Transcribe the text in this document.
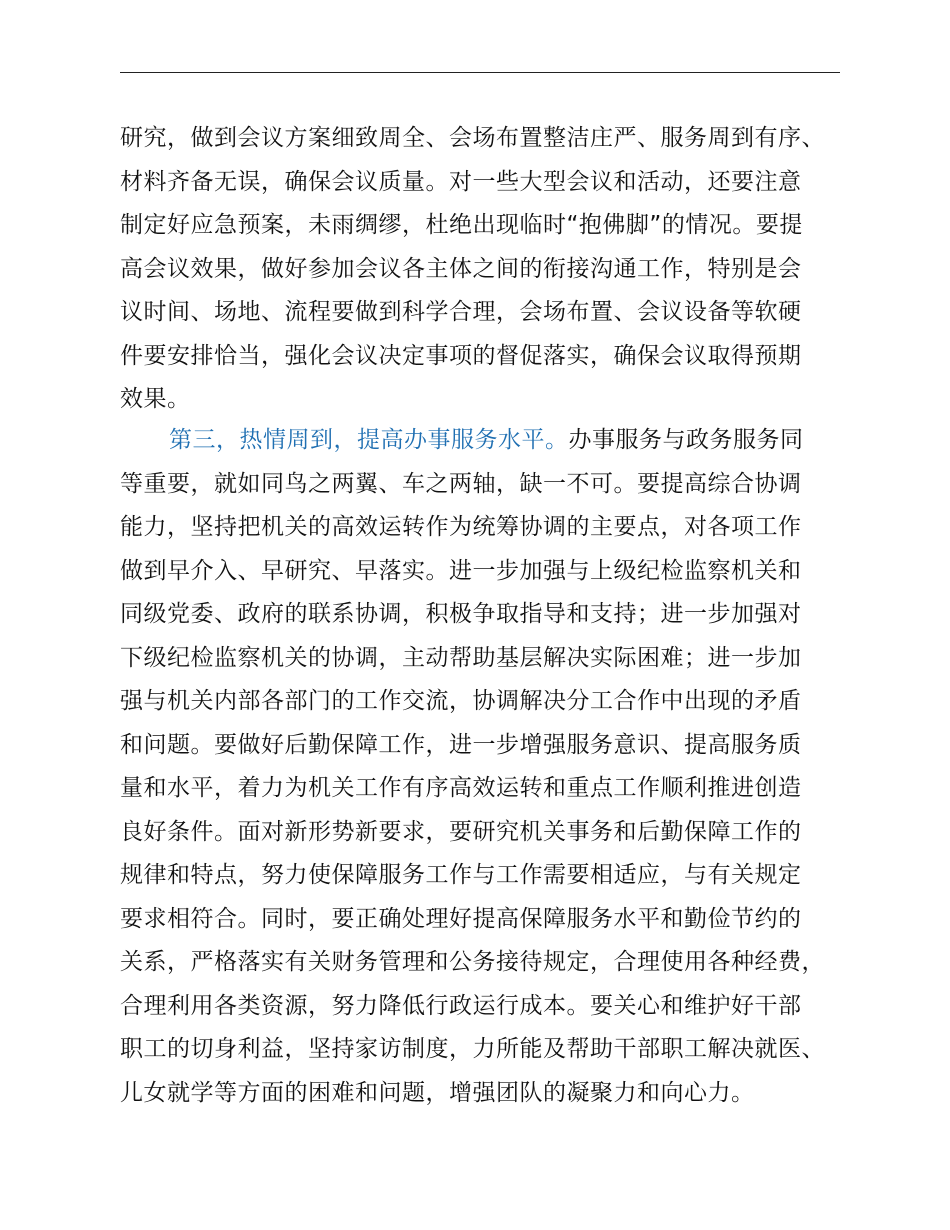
研究，做到会议方案细致周全、会场布置整洁庄严、服务周到有序、
材料齐备无误，确保会议质量。对一些大型会议和活动，还要注意
制定好应急预案，未雨绸缪，杜绝出现临时“抱佛脚”的情况。要提
高会议效果，做好参加会议各主体之间的衔接沟通工作，特别是会
议时间、场地、流程要做到科学合理，会场布置、会议设备等软硬
件要安排恰当，强化会议决定事项的督促落实，确保会议取得预期
效果。
第三，热情周到，提高办事服务水平。办事服务与政务服务同
等重要，就如同鸟之两翼、车之两轴，缺一不可。要提高综合协调
能力，坚持把机关的高效运转作为统筹协调的主要点，对各项工作
做到早介入、早研究、早落实。进一步加强与上级纪检监察机关和
同级党委、政府的联系协调，积极争取指导和支持；进一步加强对
下级纪检监察机关的协调，主动帮助基层解决实际困难；进一步加
强与机关内部各部门的工作交流，协调解决分工合作中出现的矛盾
和问题。要做好后勤保障工作，进一步增强服务意识、提高服务质
量和水平，着力为机关工作有序高效运转和重点工作顺利推进创造
良好条件。面对新形势新要求，要研究机关事务和后勤保障工作的
规律和特点，努力使保障服务工作与工作需要相适应，与有关规定
要求相符合。同时，要正确处理好提高保障服务水平和勤俭节约的
关系，严格落实有关财务管理和公务接待规定，合理使用各种经费，
合理利用各类资源，努力降低行政运行成本。要关心和维护好干部
职工的切身利益，坚持家访制度，力所能及帮助干部职工解决就医、
儿女就学等方面的困难和问题，增强团队的凝聚力和向心力。
